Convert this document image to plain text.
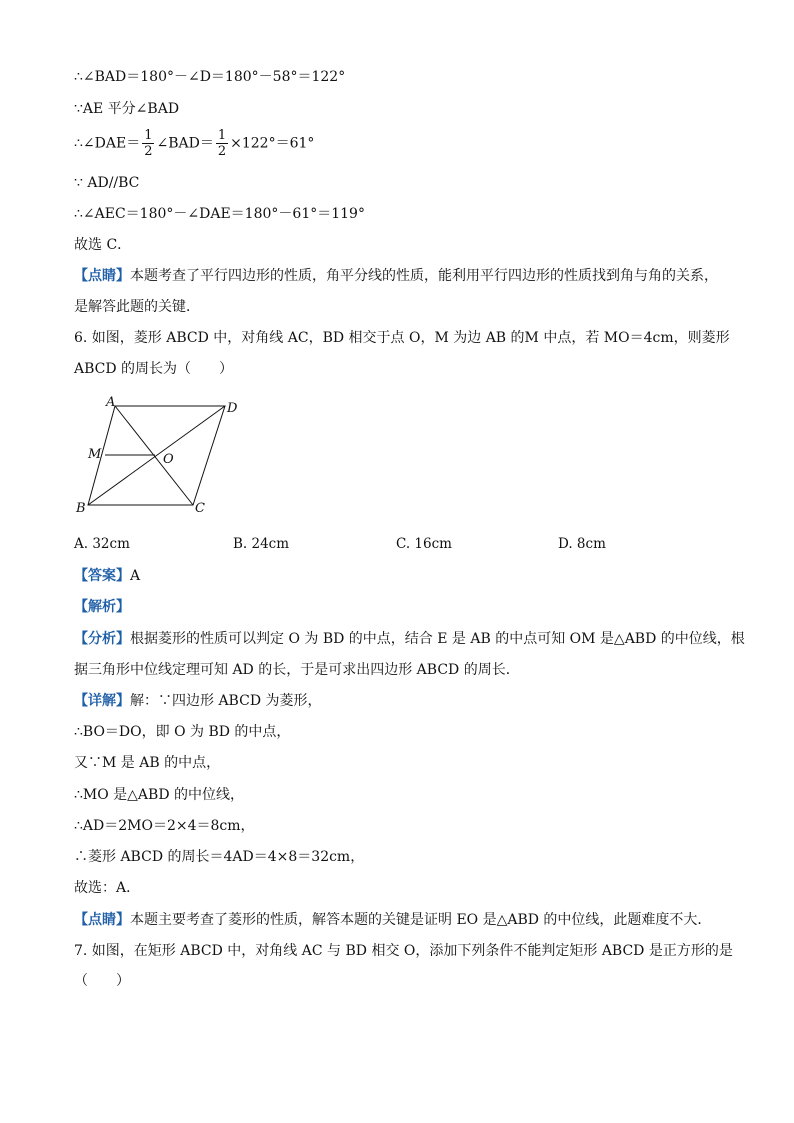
∴∠BAD＝180°－∠D＝180°－58°＝122°
∵AE 平分∠BAD
∴∠DAE＝ $\frac{1}{2}$ ∠BAD＝ $\frac{1}{2} \times 122^\circ=61^\circ$
∵ AD//BC
∴∠AEC＝180°－∠DAE＝180°－61°＝119°
故选 C．
【点睛】本题考查了平行四边形的性质，角平分线的性质，能利用平行四边形的性质找到角与角的关系，
是解答此题的关键．
6. 如图，菱形 ABCD 中，对角线 AC，BD 相交于点 O，M 为边 AB 的M 中点，若 MO＝4cm，则菱形
ABCD 的周长为（　　）
A	D
M	O
B	C
A. 32cm	B. 24cm	C. 16cm	D. 8cm
【答案】A
【解析】
【分析】根据菱形的性质可以判定 O 为 BD 的中点，结合 E 是 AB 的中点可知 OM 是△ABD 的中位线，根
据三角形中位线定理可知 AD 的长，于是可求出四边形 ABCD 的周长．
【详解】解：∵四边形 ABCD 为菱形，
∴BO＝DO，即 O 为 BD 的中点，
又∵M 是 AB 的中点，
∴MO 是△ABD 的中位线，
∴AD＝2MO＝2×4＝8cm，
∴菱形 ABCD 的周长＝4AD＝4×8＝32cm，
故选：A．
【点睛】本题主要考查了菱形的性质，解答本题的关键是证明 EO 是△ABD 的中位线，此题难度不大．
7. 如图，在矩形 ABCD 中，对角线 AC 与 BD 相交 O，添加下列条件不能判定矩形 ABCD 是正方形的是
（　　）
